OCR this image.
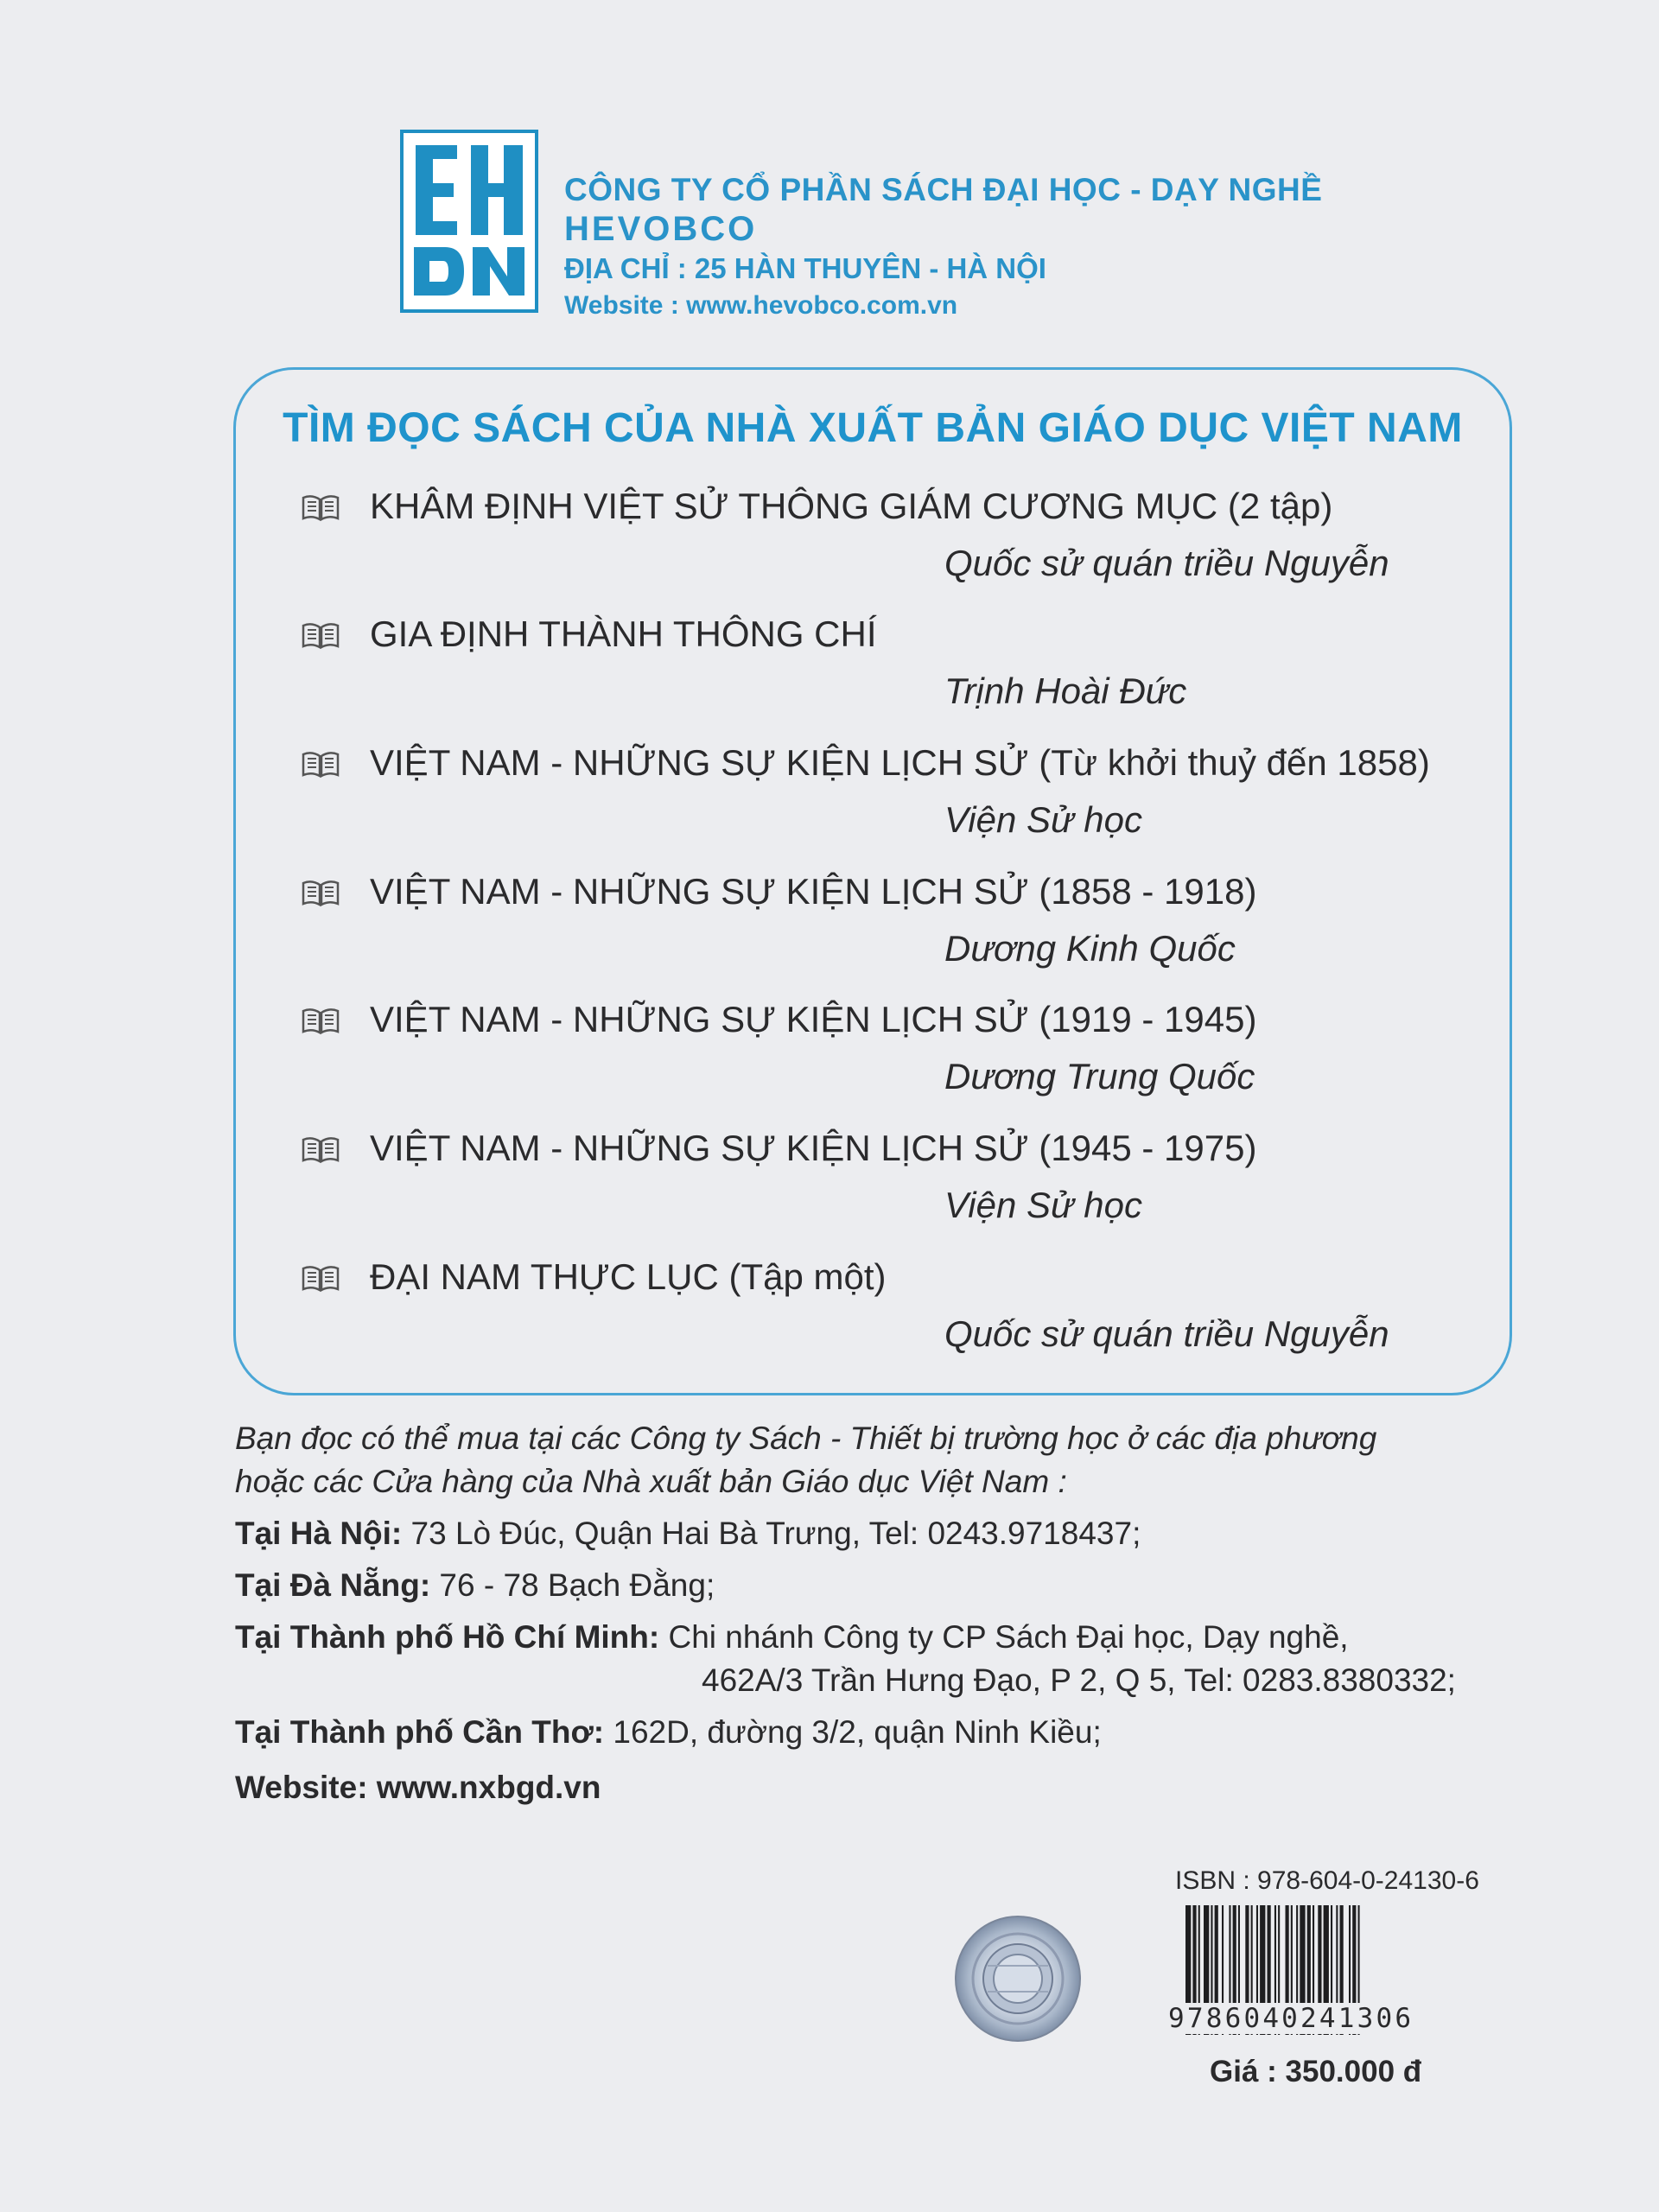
CÔNG TY CỔ PHẦN SÁCH ĐẠI HỌC - DẠY NGHỀ
HEVOBCO
ĐỊA CHỈ : 25 HÀN THUYÊN - HÀ NỘI
Website : www.hevobco.com.vn
TÌM ĐỌC SÁCH CỦA NHÀ XUẤT BẢN GIÁO DỤC VIỆT NAM
KHÂM ĐỊNH VIỆT SỬ THÔNG GIÁM CƯƠNG MỤC (2 tập)
Quốc sử quán triều Nguyễn
GIA ĐỊNH THÀNH THÔNG CHÍ
Trịnh Hoài Đức
VIỆT NAM - NHỮNG SỰ KIỆN LỊCH SỬ (Từ khởi thuỷ đến 1858)
Viện Sử học
VIỆT NAM - NHỮNG SỰ KIỆN LỊCH SỬ (1858 - 1918)
Dương Kinh Quốc
VIỆT NAM - NHỮNG SỰ KIỆN LỊCH SỬ (1919 - 1945)
Dương Trung Quốc
VIỆT NAM - NHỮNG SỰ KIỆN LỊCH SỬ (1945 - 1975)
Viện Sử học
ĐẠI NAM THỰC LỤC (Tập một)
Quốc sử quán triều Nguyễn
Bạn đọc có thể mua tại các Công ty Sách - Thiết bị trường học ở các địa phương
hoặc các Cửa hàng của Nhà xuất bản Giáo dục Việt Nam :
Tại Hà Nội: 73 Lò Đúc, Quận Hai Bà Trưng, Tel: 0243.9718437;
Tại Đà Nẵng: 76 - 78 Bạch Đằng;
Tại Thành phố Hồ Chí Minh: Chi nhánh Công ty CP Sách Đại học, Dạy nghề,
462A/3 Trần Hưng Đạo, P 2, Q 5, Tel: 0283.8380332;
Tại Thành phố Cần Thơ: 162D, đường 3/2, quận Ninh Kiều;
Website: www.nxbgd.vn
ISBN : 978-604-0-24130-6
9786040241306
Giá : 350.000 đ
